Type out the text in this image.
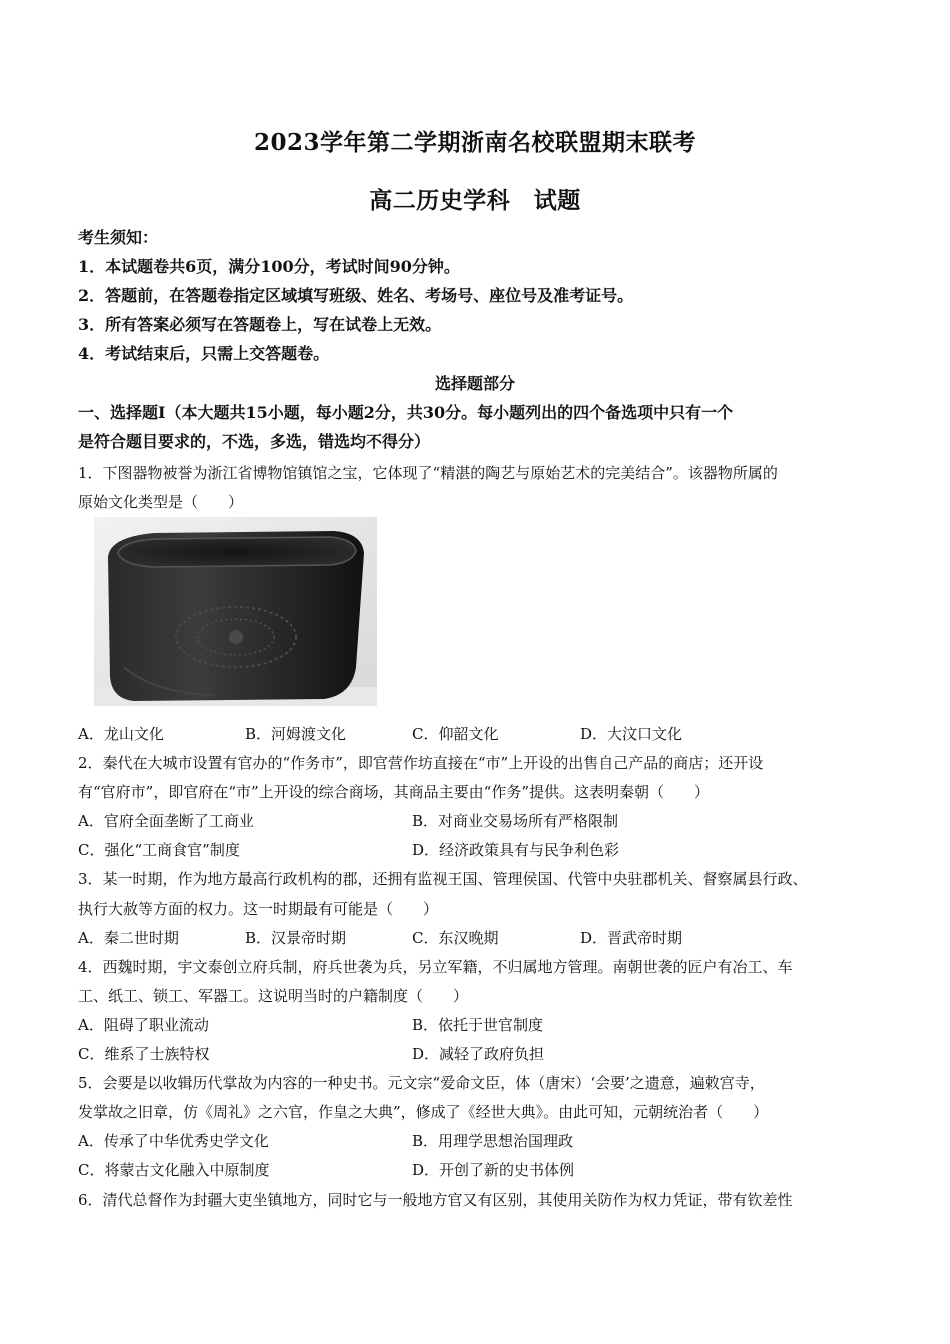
2023学年第二学期浙南名校联盟期末联考
高二历史学科　试题
考生须知：
1．本试题卷共6页，满分100分，考试时间90分钟。
2．答题前，在答题卷指定区域填写班级、姓名、考场号、座位号及准考证号。
3．所有答案必须写在答题卷上，写在试卷上无效。
4．考试结束后，只需上交答题卷。
选择题部分
一、选择题Ⅰ（本大题共15小题，每小题2分，共30分。每小题列出的四个备选项中只有一个
是符合题目要求的，不选，多选，错选均不得分）
1．下图器物被誉为浙江省博物馆镇馆之宝，它体现了“精湛的陶艺与原始艺术的完美结合”。该器物所属的
原始文化类型是（　　）
A．龙山文化	B．河姆渡文化	C．仰韶文化	D．大汶口文化
2．秦代在大城市设置有官办的“作务市”，即官营作坊直接在“市”上开设的出售自己产品的商店；还开设
有“官府市”，即官府在“市”上开设的综合商场，其商品主要由“作务”提供。这表明秦朝（　　）
A．官府全面垄断了工商业	B．对商业交易场所有严格限制
C．强化“工商食官”制度	D．经济政策具有与民争利色彩
3．某一时期，作为地方最高行政机构的郡，还拥有监视王国、管理侯国、代管中央驻郡机关、督察属县行政、
执行大赦等方面的权力。这一时期最有可能是（　　）
A．秦二世时期	B．汉景帝时期	C．东汉晚期	D．晋武帝时期
4．西魏时期，宇文泰创立府兵制，府兵世袭为兵，另立军籍，不归属地方管理。南朝世袭的匠户有冶工、车
工、纸工、锁工、军器工。这说明当时的户籍制度（　　）
A．阻碍了职业流动	B．依托于世官制度
C．维系了士族特权	D．减轻了政府负担
5．会要是以收辑历代掌故为内容的一种史书。元文宗“爱命文臣，体（唐宋）‘会要’之遗意，遍敕宫寺，
发掌故之旧章，仿《周礼》之六官，作皇之大典”，修成了《经世大典》。由此可知，元朝统治者（　　）
A．传承了中华优秀史学文化	B．用理学思想治国理政
C．将蒙古文化融入中原制度	D．开创了新的史书体例
6．清代总督作为封疆大吏坐镇地方，同时它与一般地方官又有区别，其使用关防作为权力凭证，带有钦差性
